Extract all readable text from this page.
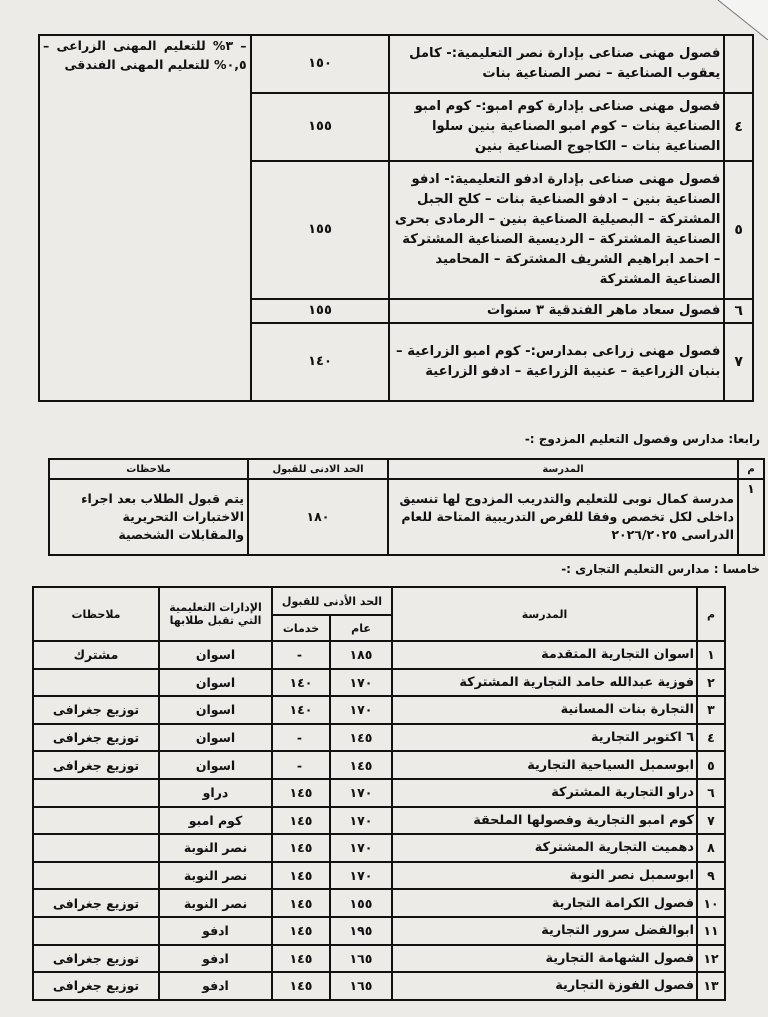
	فصول مهنى صناعى بإدارة نصر التعليمية:- كامل يعقوب الصناعية – نصر الصناعية بنات	١٥٠	– ٣% للتعليم المهنى الزراعى – ٠,٥% للتعليم المهنى الفندقى
٤	فصول مهنى صناعى بإدارة كوم امبو:- كوم امبو الصناعية بنات – كوم امبو الصناعية بنين سلوا الصناعية بنات – الكاجوج الصناعية بنين	١٥٥	
٥	فصول مهنى صناعى بإدارة ادفو التعليمية:- ادفو الصناعية بنين – ادفو الصناعية بنات – كلح الجبل المشتركة – البصيلية الصناعية بنين – الرمادى بحرى الصناعية المشتركة – الرديسية الصناعية المشتركة – احمد ابراهيم الشريف المشتركة – المحاميد الصناعية المشتركة	١٥٥	
٦	فصول سعاد ماهر الفندقية ٣ سنوات	١٥٥	
٧	فصول مهنى زراعى بمدارس:- كوم امبو الزراعية – بنبان الزراعية – عنيبة الزراعية – ادفو الزراعية	١٤٠	
رابعا: مدارس وفصول التعليم المزدوج :-
م	المدرسة	الحد الادنى للقبول	ملاحظات
١	مدرسة كمال نوبى للتعليم والتدريب المزدوج لها تنسيق داخلى لكل تخصص وفقا للفرص التدريبية المتاحة للعام الدراسى ٢٠٢٦/٢٠٢٥	١٨٠	يتم قبول الطلاب بعد اجراء الاختبارات التحريرية والمقابلات الشخصية
خامسا : مدارس التعليم التجارى :-
م	المدرسة	الحد الأدنى للقبول		الإدارات التعليمية التي تقبل طلابها	ملاحظات
		عام	خدمات		
١	اسوان التجارية المتقدمة	١٨٥	-	اسوان	مشترك
٢	فوزية عبدالله حامد التجارية المشتركة	١٧٠	١٤٠	اسوان	
٣	التجارة بنات المسانية	١٧٠	١٤٠	اسوان	توزيع جغرافى
٤	٦ اكتوبر التجارية	١٤٥	-	اسوان	توزيع جغرافى
٥	ابوسمبل السياحية التجارية	١٤٥	-	اسوان	توزيع جغرافى
٦	دراو التجارية المشتركة	١٧٠	١٤٥	دراو	
٧	كوم امبو التجارية وفصولها الملحقة	١٧٠	١٤٥	كوم امبو	
٨	دهميت التجارية المشتركة	١٧٠	١٤٥	نصر النوبة	
٩	ابوسمبل نصر النوبة	١٧٠	١٤٥	نصر النوبة	
١٠	فصول الكرامة التجارية	١٥٥	١٤٥	نصر النوبة	توزيع جغرافى
١١	ابوالفضل سرور التجارية	١٩٥	١٤٥	ادفو	
١٢	فصول الشهامة التجارية	١٦٥	١٤٥	ادفو	توزيع جغرافى
١٣	فصول الفوزة التجارية	١٦٥	١٤٥	ادفو	توزيع جغرافى
